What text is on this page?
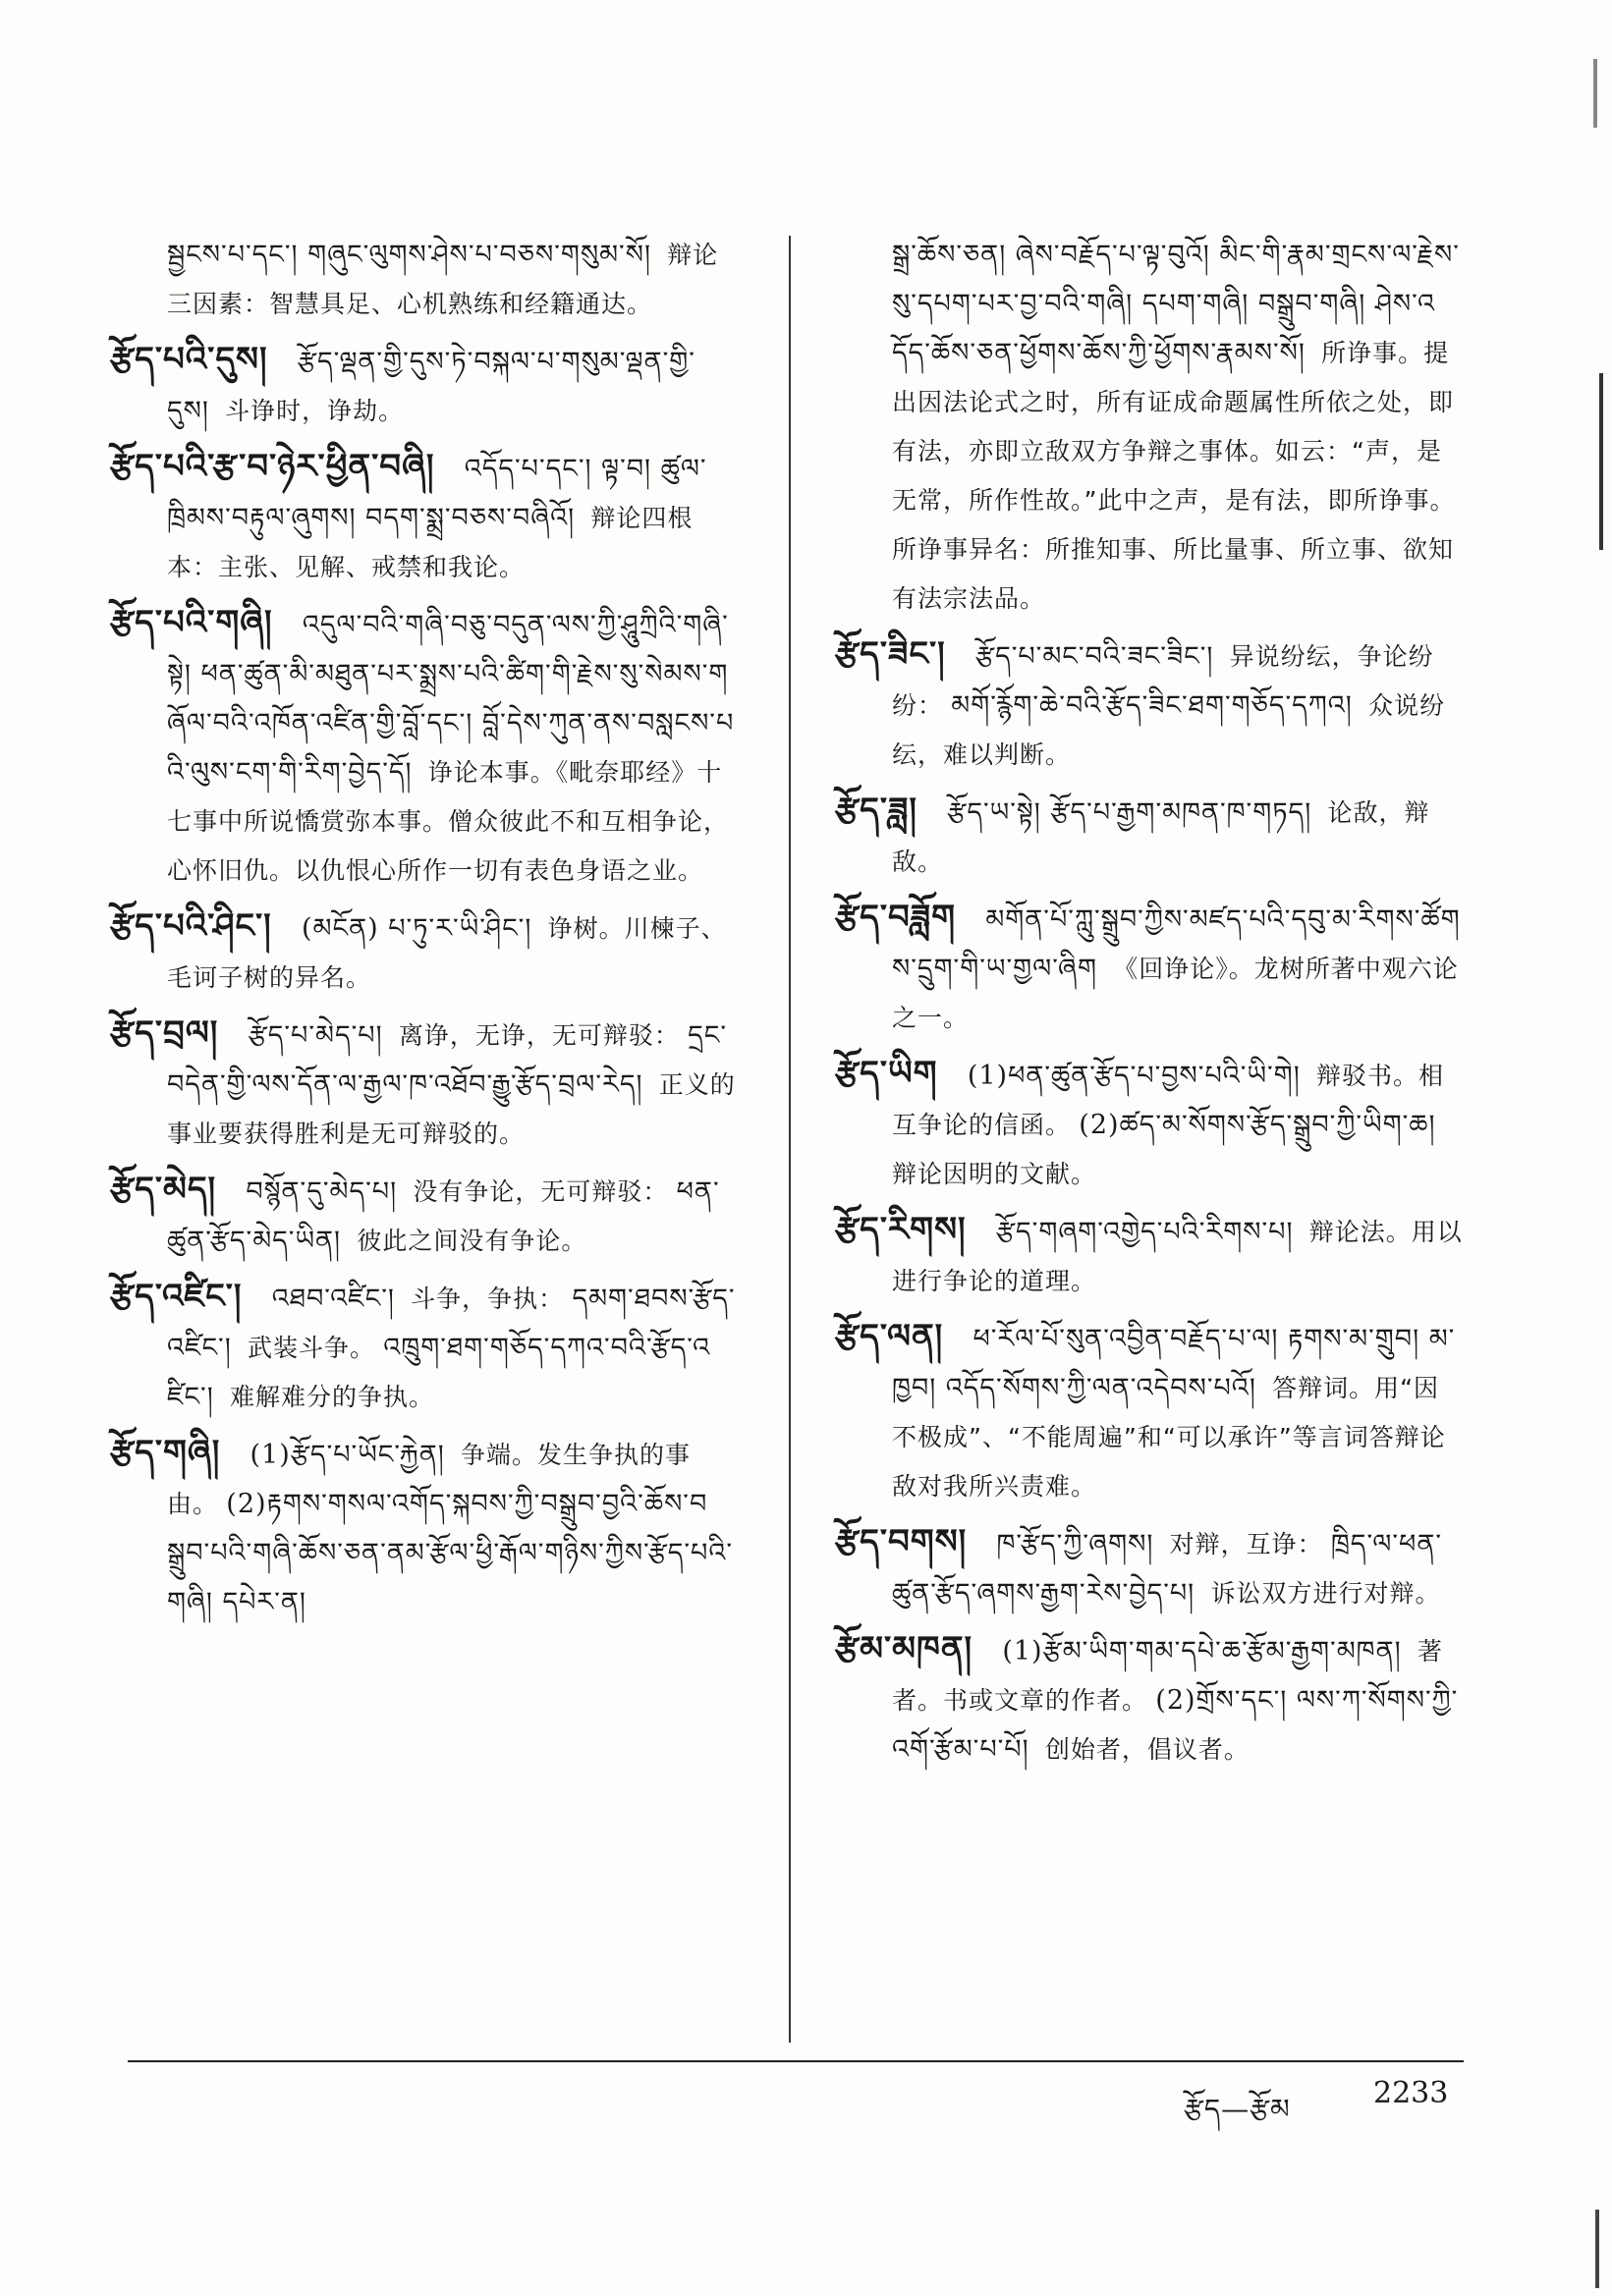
སྦྱངས་པ་དང་། གཞུང་ལུགས་ཤེས་པ་བཅས་གསུམ་སོ། 辩论三因素：智慧具足、心机熟练和经籍通达。

རྩོད་པའི་དུས། རྩོད་ལྡན་གྱི་དུས་ཏེ་བསྐལ་པ་གསུམ་ལྡན་གྱི་དུས། 斗诤时，诤劫。

རྩོད་པའི་རྩ་བ་ཉེར་ཕྱིན་བཞི། འདོད་པ་དང་། ལྟ་བ། ཚུལ་ཁྲིམས་བརྟུལ་ཞུགས། བདག་སྨྲ་བཅས་བཞིའོ། 辩论四根本：主张、见解、戒禁和我论。

རྩོད་པའི་གཞི། འདུལ་བའི་གཞི་བཅུ་བདུན་ལས་ཀྱི་ཤཱུཀྲིའི་གཞི་སྟེ། ཕན་ཚུན་མི་མཐུན་པར་སྨྲས་པའི་ཚིག་གི་རྗེས་སུ་སེམས་གཞོལ་བའི་འཁོན་འཛིན་གྱི་བློ་དང་། བློ་དེས་ཀུན་ནས་བསླངས་པའི་ལུས་ངག་གི་རིག་བྱེད་དོ། 诤论本事。《毗奈耶经》十七事中所说憍赏弥本事。僧众彼此不和互相争论，心怀旧仇。以仇恨心所作一切有表色身语之业。

རྩོད་པའི་ཤིང་། (མངོན) པ་ཏུ་ར་ཡི་ཤིང་། 诤树。川楝子、毛诃子树的异名。

རྩོད་བྲལ། རྩོད་པ་མེད་པ། 离诤，无诤，无可辩驳： དྲང་བདེན་གྱི་ལས་དོན་ལ་རྒྱལ་ཁ་འཐོབ་རྒྱུ་རྩོད་བྲལ་རེད། 正义的事业要获得胜利是无可辩驳的。

རྩོད་མེད། བསྙོན་དུ་མེད་པ། 没有争论，无可辩驳： ཕན་ཚུན་རྩོད་མེད་ཡིན། 彼此之间没有争论。

རྩོད་འཛིང་། འཐབ་འཛིང་། 斗争，争执： དམག་ཐབས་རྩོད་འཛིང་། 武装斗争。 འཁྲུག་ཐག་གཅོད་དཀའ་བའི་རྩོད་འཛིང་། 难解难分的争执。

རྩོད་གཞི། (1)རྩོད་པ་ཡོང་རྐྱེན། 争端。发生争执的事由。 (2)རྟགས་གསལ་འགོད་སྐབས་ཀྱི་བསྒྲུབ་བྱའི་ཆོས་བསྒྲུབ་པའི་གཞི་ཆོས་ཅན་ནམ་རྩོལ་ཕྱི་རྒོལ་གཉིས་ཀྱིས་རྩོད་པའི་གཞི། དཔེར་ན།

སྒྲ་ཆོས་ཅན། ཞེས་བརྗོད་པ་ལྟ་བུའོ། མིང་གི་རྣམ་གྲངས་ལ་རྗེས་སུ་དཔག་པར་བྱ་བའི་གཞི། དཔག་གཞི། བསྒྲུབ་གཞི། ཤེས་འདོད་ཆོས་ཅན་ཕྱོགས་ཆོས་ཀྱི་ཕྱོགས་རྣམས་སོ། 所诤事。提出因法论式之时，所有证成命题属性所依之处，即有法，亦即立敌双方争辩之事体。如云：“声，是无常，所作性故。”此中之声，是有法，即所诤事。所诤事异名：所推知事、所比量事、所立事、欲知有法宗法品。

རྩོད་ཟིང་། རྩོད་པ་མང་བའི་ཟང་ཟིང་། 异说纷纭，争论纷纷： མགོ་རྙོག་ཆེ་བའི་རྩོད་ཟིང་ཐག་གཅོད་དཀའ། 众说纷纭，难以判断。

རྩོད་ཟླ། རྩོད་ཡ་སྟེ། རྩོད་པ་རྒྱག་མཁན་ཁ་གཏད། 论敌，辩敌。

རྩོད་བཟློག མགོན་པོ་ཀླུ་སྒྲུབ་ཀྱིས་མཛད་པའི་དབུ་མ་རིགས་ཚོགས་དྲུག་གི་ཡ་གྱལ་ཞིག 《回诤论》。龙树所著中观六论之一。

རྩོད་ཡིག (1)ཕན་ཚུན་རྩོད་པ་བྱས་པའི་ཡི་གེ། 辩驳书。相互争论的信函。 (2)ཚད་མ་སོགས་རྩོད་སྒྲུབ་ཀྱི་ཡིག་ཆ། 辩论因明的文献。

རྩོད་རིགས། རྩོད་གཞག་འགྱེད་པའི་རིགས་པ། 辩论法。用以进行争论的道理。

རྩོད་ལན། ཕ་རོལ་པོ་སུན་འབྱིན་བརྗོད་པ་ལ། རྟགས་མ་གྲུབ། མ་ཁྱབ། འདོད་སོགས་ཀྱི་ལན་འདེབས་པའོ། 答辩词。用“因不极成”、“不能周遍”和“可以承许”等言词答辩论敌对我所兴责难。

རྩོད་བགས། ཁ་རྩོད་ཀྱི་ཞགས། 对辩，互诤： ཁྲིད་ལ་ཕན་ཚུན་རྩོད་ཞགས་རྒྱག་རེས་བྱེད་པ། 诉讼双方进行对辩。

རྩོམ་མཁན། (1)རྩོམ་ཡིག་གམ་དཔེ་ཆ་རྩོམ་རྒྱག་མཁན། 著者。书或文章的作者。 (2)གྲོས་དང་། ལས་ཀ་སོགས་ཀྱི་འགོ་རྩོམ་པ་པོ། 创始者，倡议者。

རྩོད—རྩོམ	2233
